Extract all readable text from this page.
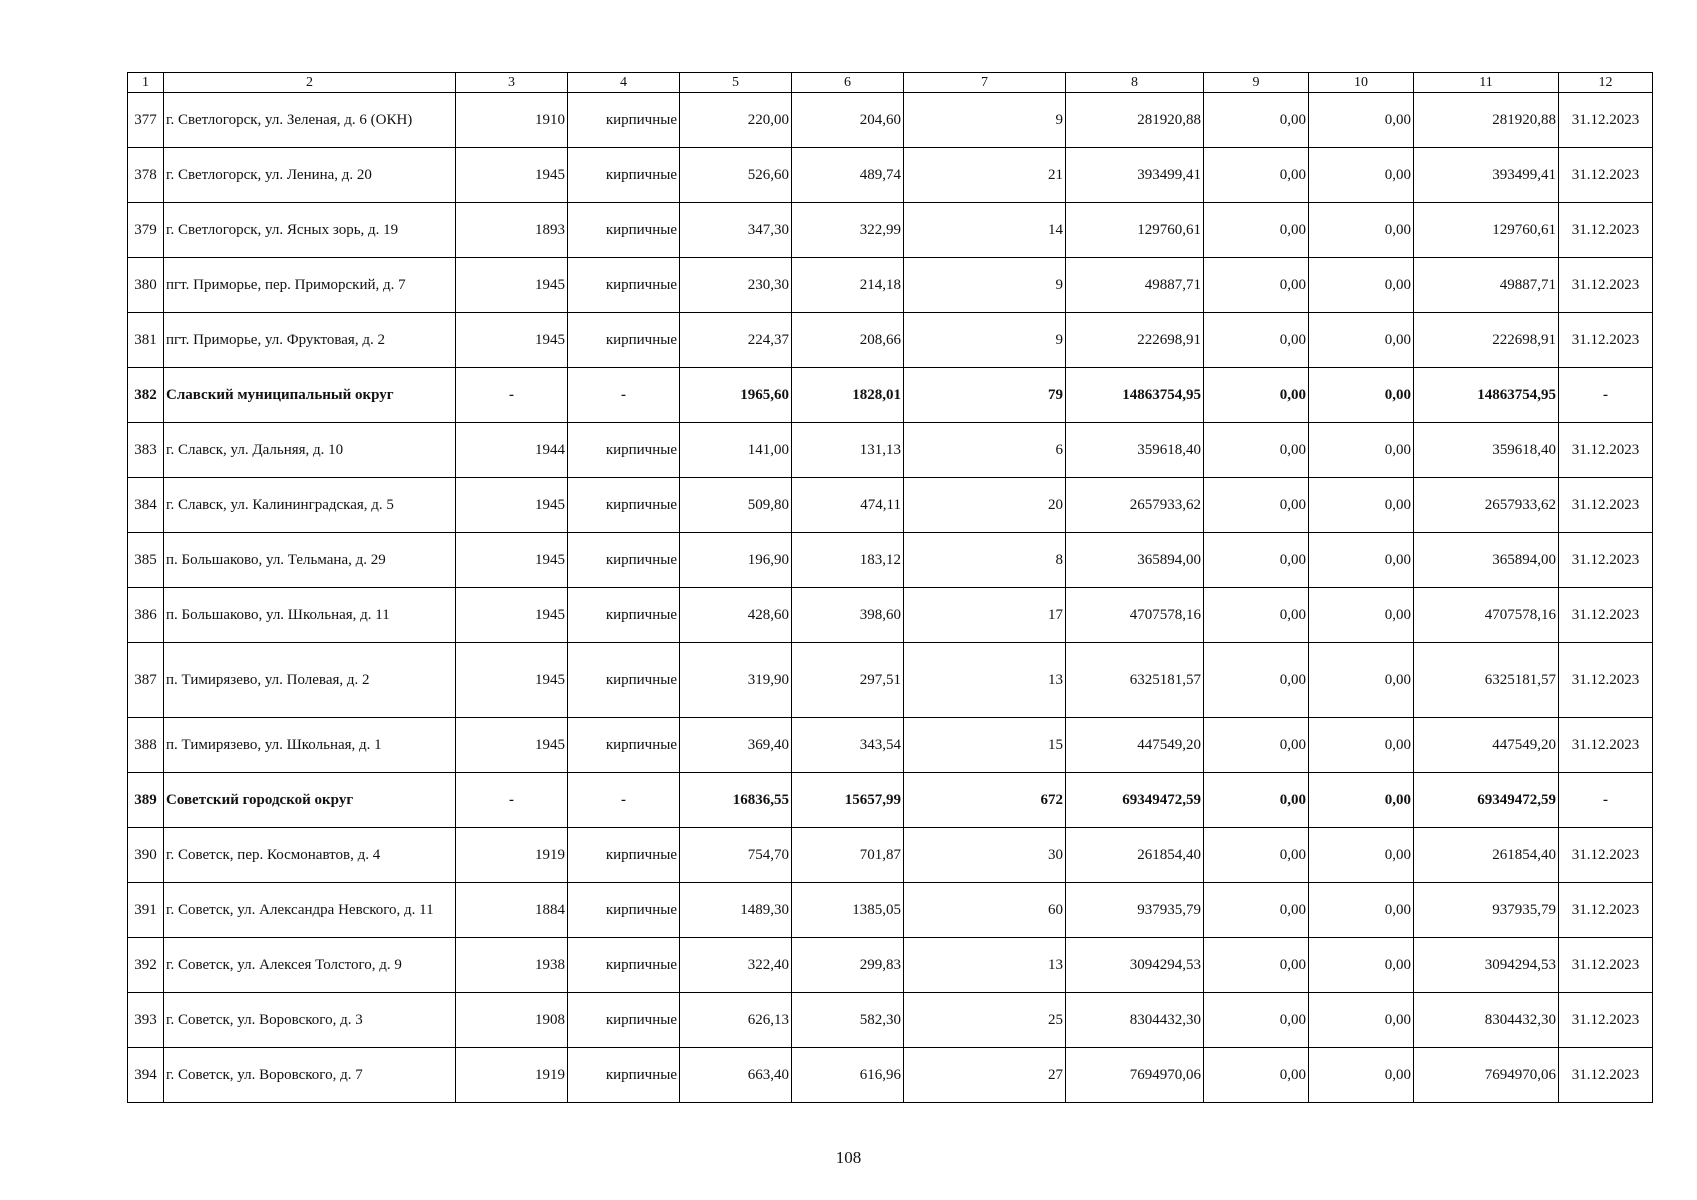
1	2	3	4	5	6	7	8	9	10	11	12
377	г. Светлогорск, ул. Зеленая, д. 6 (ОКН)	1910	кирпичные	220,00	204,60	9	281920,88	0,00	0,00	281920,88	31.12.2023
378	г. Светлогорск, ул. Ленина, д. 20	1945	кирпичные	526,60	489,74	21	393499,41	0,00	0,00	393499,41	31.12.2023
379	г. Светлогорск, ул. Ясных зорь, д. 19	1893	кирпичные	347,30	322,99	14	129760,61	0,00	0,00	129760,61	31.12.2023
380	пгт. Приморье, пер. Приморский, д. 7	1945	кирпичные	230,30	214,18	9	49887,71	0,00	0,00	49887,71	31.12.2023
381	пгт. Приморье, ул. Фруктовая, д. 2	1945	кирпичные	224,37	208,66	9	222698,91	0,00	0,00	222698,91	31.12.2023
382	Славский муниципальный округ	-	-	1965,60	1828,01	79	14863754,95	0,00	0,00	14863754,95	-
383	г. Славск, ул. Дальняя, д. 10	1944	кирпичные	141,00	131,13	6	359618,40	0,00	0,00	359618,40	31.12.2023
384	г. Славск, ул. Калининградская, д. 5	1945	кирпичные	509,80	474,11	20	2657933,62	0,00	0,00	2657933,62	31.12.2023
385	п. Большаково, ул. Тельмана, д. 29	1945	кирпичные	196,90	183,12	8	365894,00	0,00	0,00	365894,00	31.12.2023
386	п. Большаково, ул. Школьная, д. 11	1945	кирпичные	428,60	398,60	17	4707578,16	0,00	0,00	4707578,16	31.12.2023
387	п. Тимирязево, ул. Полевая, д. 2	1945	кирпичные	319,90	297,51	13	6325181,57	0,00	0,00	6325181,57	31.12.2023
388	п. Тимирязево, ул. Школьная, д. 1	1945	кирпичные	369,40	343,54	15	447549,20	0,00	0,00	447549,20	31.12.2023
389	Советский городской округ	-	-	16836,55	15657,99	672	69349472,59	0,00	0,00	69349472,59	-
390	г. Советск, пер. Космонавтов, д. 4	1919	кирпичные	754,70	701,87	30	261854,40	0,00	0,00	261854,40	31.12.2023
391	г. Советск, ул. Александра Невского, д. 11	1884	кирпичные	1489,30	1385,05	60	937935,79	0,00	0,00	937935,79	31.12.2023
392	г. Советск, ул. Алексея Толстого, д. 9	1938	кирпичные	322,40	299,83	13	3094294,53	0,00	0,00	3094294,53	31.12.2023
393	г. Советск, ул. Воровского, д. 3	1908	кирпичные	626,13	582,30	25	8304432,30	0,00	0,00	8304432,30	31.12.2023
394	г. Советск, ул. Воровского, д. 7	1919	кирпичные	663,40	616,96	27	7694970,06	0,00	0,00	7694970,06	31.12.2023
108
